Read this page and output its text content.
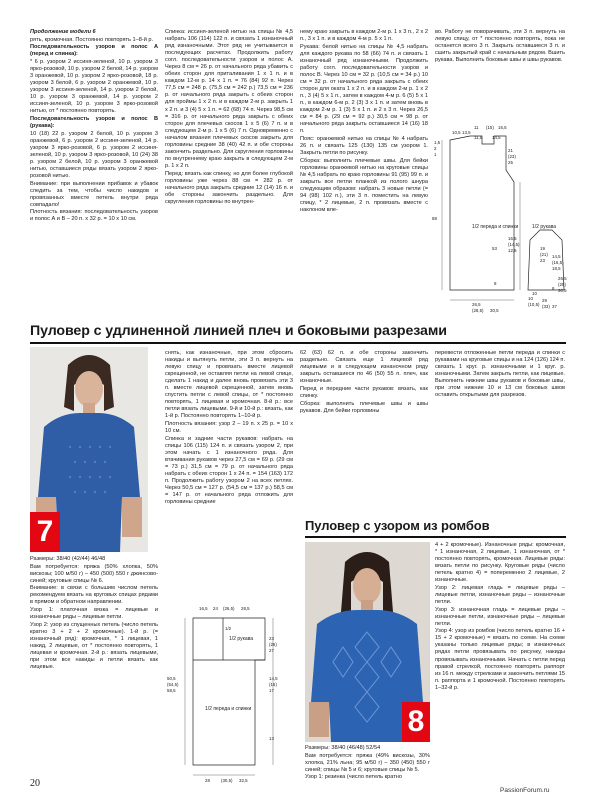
Продолжение модели 6

рять, кромочная. Постоянно повторять 1–8-й р.

Последовательность узоров и полос А (перед и спинка):

* 6 р. узором 2 иссиня-зеленой, 10 р. узором 3 ярко-розовой, 10 р. узором 2 белой, 14 р. узором 3 оранжевой, 10 р. узором 2 ярко-розовой, 18 р. узором 3 белой, 6 р. узором 2 оранжевой, 10 р. узором 3 иссиня-зеленой, 14 р. узором 2 белой, 10 р. узором 3 оранжевой, 14 р. узором 2 иссиня-зеленой, 10 р. узором 3 ярко-розовой нитью, от * постоянно повторять.

Последовательность узоров и полос В (рукава):

10 (18) 22 р. узором 2 белой, 10 р. узором 3 оранжевой, 6 р. узором 2 иссиня-зеленой, 14 р. узором 3 ярко-розовой, 6 р. узором 2 иссиня-зеленой, 10 р. узором 3 ярко-розовой, 10 (24) 38 р. узором 2 белой, 10 р. узором 3 оранжевой нитью, оставшиеся ряды вязать узором 2 ярко-розовой нитью.

Внимание: при выполнении прибавок и убавок следить за тем, чтобы число накидов и провязанных вместе петель внутри ряда совпадало!

Плотность вязания: последовательность узоров и полос А и В – 20 п. х 32 р. = 10 х 10 см.

Спинка: иссиня-зеленой нитью на спицы № 4,5 набрать 106 (114) 122 п. и связать 1 изнаночный ряд изнаночными. Этот ряд не учитывается в последующих расчетах. Продолжить работу согл. последовательности узоров и полос А. Через 8 см = 26 р. от начального ряда убавить с обеих сторон для приталивания 1 х 1 п. и в каждом 12-м р. 14 х 1 п. = 76 (84) 92 п. Через 77,5 см = 248 р. (75,5 см = 242 р.) 73,5 см = 236 р. от начального ряда закрыть с обеих сторон для проймы 1 х 2 п. и в каждом 2-м р. закрыть 1 х 2 п. и 3 (4) 5 х 1 п. = 62 (68) 74 п. Через 98,5 см = 316 р. от начального ряда закрыть с обеих сторон для плечевых скосов 1 х 5 (6) 7 п. и в следующем 2-м р. 1 х 5 (6) 7 п. Одновременно с началом вязания плечевых скосов закрыть для горловины средние 38 (40) 42 п. и обе стороны закончить раздельно. Для скругления горловины по внутреннему краю закрыть в следующем 2-м р. 1 х 2 п.

Перед: вязать как спинку, но для более глубокой горловины уже через 88 см = 282 р. от начального ряда закрыть средние 12 (14) 16 п. и обе стороны закончить раздельно. Для скругления горловины по внутрен-

нему краю закрыть в каждом 2-м р. 1 х 3 п., 2 х 2 п., 3 х 1 п. и в каждом 4-м р. 5 х 1 п.

Рукава: белой нитью на спицы № 4,5 набрать для каждого рукава по 58 (66) 74 п. и связать 1 изнаночный ряд изнаночными. Продолжить работу согл. последовательности узоров и полос В. Через 10 см = 32 р. (10,5 см = 34 р.) 10 см = 32 р. от начального ряда закрыть с обеих сторон для оката 1 х 2 п. и в каждом 2-м р. 1 х 2 п., 3 (4) 5 х 1 п., затем в каждом 4-м р. 6 (5) 5 х 1 п., в каждом 6-м р. 2 (3) 3 х 1 п. и затем вновь в каждом 2-м р. 1 (3) 5 х 1 п. и 2 х 3 п. Через 26,5 см = 84 р. (29 см = 92 р.) 30,5 см = 98 р. от начального ряда закрыть оставшиеся 14 (16) 18 п.

Пояс: оранжевой нитью на спицы № 4 набрать 26 п. и связать 125 (130) 135 см узором 1. Закрыть петли по рисунку.

Сборка: выполнить плечевые швы. Для бейки горловины оранжевой нитью на круговые спицы № 4,5 набрать по краю горловины 91 (95) 99 п. и закрыть все петли планкой из полого шнура следующим образом: набрать 3 новые петли (= 94 (98) 102 п.), эти 3 п. поместить на левую спицу, * 2 лицевые, 2 п. провязать вместе с наклоном вле-

во. Работу не поворачивать, эти 3 п. вернуть на левую спицу, от * постоянно повторять, пока не останется всего 3 п. Закрыть оставшиеся 3 п. и сшить закрытый край с начальным рядом. Вшить рукава. Выполнить боковые швы и швы рукавов.

1/2 переда и спинки	1/2 рукава
10,5 13,5
11 (15) 16,5
11,5 14,5
1,5
2
1
21
(23)
25
88
53
16,5
(14,5)
12,5
8
26,5
(28,5) 30,5
19
(21)
23
14,5
(16,5)
18,5
8
10
29
(33) 37
26,5
(29)
30,5
10
(10,5)
Пуловер с удлиненной линией плеч и боковыми разрезами
7

Размеры: 38/40 (42/44) 46/48

Вам потребуется: пряжа (50% хлопка, 50% вискозы; 100 м/50 г) – 450 (500) 550 г джинсово-синей; круговые спицы № 6.

Внимание: в связи с большим числом петель рекомендуем вязать на круговых спицах рядами в прямом и обратном направлении.

Узор 1: платочная вязка = лицевые и изнаночные ряды – лицевые петли.

Узор 2: узор из спущенных петель (число петель кратно 3 + 2 + 2 кромочные). 1-й р. (= изнаночный ряд): кромочная, * 1 лицевая, 1 накид, 2 лицевые, от * постоянно повторять, 1 лицевая и кромочная. 2-й р.: вязать лицевыми, при этом все накиды и петли вязать как лицевые.

снять, как изнаночные, при этом сбросить накиды и вытянуть петли, эти 3 п. вернуть на левую спицу и провязать вместе лицевой скрещенной, не оставляя петли на левой спице, сделать 1 накид и далее вновь провязать эти 3 п. вместе лицевой скрещенной, затем вновь спустить петли с левой спицы, от * постоянно повторять, 1 лицевая и кромочная. 8-й р.: все петли вязать лицевыми. 9-й и 10-й р.: вязать, как 1-й р. Постоянно повторять 1–10-й р.

Плотность вязания: узор 2 – 19 п. х 25 р. = 10 х 10 см.

Спинка и задние части рукавов: набрать на спицы 106 (115) 124 п. и связать узором 2, при этом начать с 1 изнаночного ряда. Для втачивания рукавов через 27,5 см = 69 р. (29 см = 73 р.) 31,5 см = 79 р. от начального ряда набрать с обеих сторон 1 х 24 п. = 154 (163) 172 п. Продолжить работу узором 2 на всех петлях. Через 50,5 см = 127 р. (54,5 см = 137 р.) 58,5 см = 147 р. от начального ряда отложить для горловины средние

62 (63) 62 п. и обе стороны закончить раздельно. Связать еще 1 лицевой ряд лицевыми и в следующем изнаночном ряду закрыть оставшиеся по 46 (50) 55 п. плеч, как изнаночные.

Перед и передние части рукавов: вязать, как спинку.

Сборка: выполнить плечевые швы и швы рукавов. Для бейки горловины

перевести отложенные петли переда и спинки с рукавами на круговые спицы и на 124 (126) 124 п. связать 1 круг. р. изнаночными и 1 круг. р. изнаночными. Затем закрыть петли, как лицевые. Выполнить нижние швы рукавов и боковые швы, при этом нижние 10 и 13 см боковых швов оставить открытыми для разрезов.

1/2 рукава
1/2 переда и спинки
16,5 24 (26,5) 28,5
50,5
(54,5)
58,5
23
(25)
27
14,5
(16)
17
13
28	(30,5) 32,5
1/2
Пуловер с узором из ромбов
8

Размеры: 38/40 (46/48) 52/54

Вам потребуется: пряжа (49% вискозы, 30% хлопка, 21% льна; 95 м/50 г) – 350 (450) 550 г синей; спицы № 5 и 6; круговые спицы № 5.

Узор 1: резинка (число петель кратно

4 + 2 кромочные). Изнаночные ряды: кромочная, * 1 изнаночная, 2 лицевые, 1 изнаночная, от * постоянно повторять, кромочная. Лицевые ряды: вязать петли по рисунку. Круговые ряды (число петель кратно 4) = попеременно 2 лицевые, 2 изнаночные.

Узор 2: лицевая гладь = лицевые ряды – лицевые петли, изнаночные ряды – изнаночные петли.

Узор 3: изнаночная гладь = лицевые ряды – изнаночные петли, изнаночные ряды – лицевые петли.

Узор 4: узор из ромбов (число петель кратно 16 + 15 + 2 кромочные) = вязать по схеме. На схеме указаны только лицевые ряды; в изнаночных рядах петли провязывать по рисунку, накиды провязывать изнаночными. Начать с петли перед правой стрелкой, постоянно повторять раппорт из 16 п. между стрелками и закончить петлями 15 п. раппорта и 1 кромочной. Постоянно повторять 1–32-й р.

20
PassionForum.ru
